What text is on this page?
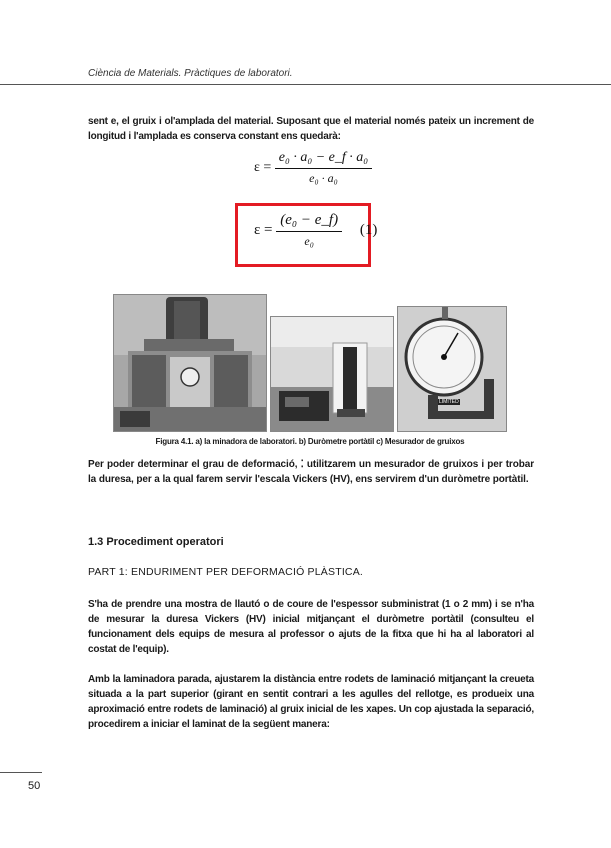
Ciència de Materials. Pràctiques de laboratori.
sent e, el gruix i ol'amplada del material. Suposant que el material només pateix un increment de longitud i l'amplada es conserva constant ens quedarà:
$\varepsilon = \frac{\text{e₀ · a₀ − e\_f · a₀}}{\text{e₀ · a₀}}$
$\varepsilon = \frac{\text{(e₀ − e\_f)}}{\text{e₀}} (1)$
LIMITED
Figura 4.1. a) la minadora de laboratori. b) Duròmetre portàtil c) Mesurador de gruixos
Per poder determinar el grau de deformació, ⁚ utilitzarem un mesurador de gruixos i per trobar la duresa, per a la qual farem servir l'escala Vickers (HV), ens servirem d'un duròmetre portàtil.
1.3 Procediment operatori
PART 1: ENDURIMENT PER DEFORMACIÓ PLÀSTICA.
S'ha de prendre una mostra de llautó o de coure de l'espessor subministrat (1 o 2 mm) i se n'ha de mesurar la duresa Vickers (HV) inicial mitjançant el duròmetre portàtil (consulteu el funcionament dels equips de mesura al professor o ajuts de la fitxa que hi ha al laboratori al costat de l'equip).
Amb la laminadora parada, ajustarem la distància entre rodets de laminació mitjançant la creueta situada a la part superior (girant en sentit contrari a les agulles del rellotge, es produeix una aproximació entre rodets de laminació) al gruix inicial de les xapes. Un cop ajustada la separació, procedirem a iniciar el laminat de la següent manera:
50
